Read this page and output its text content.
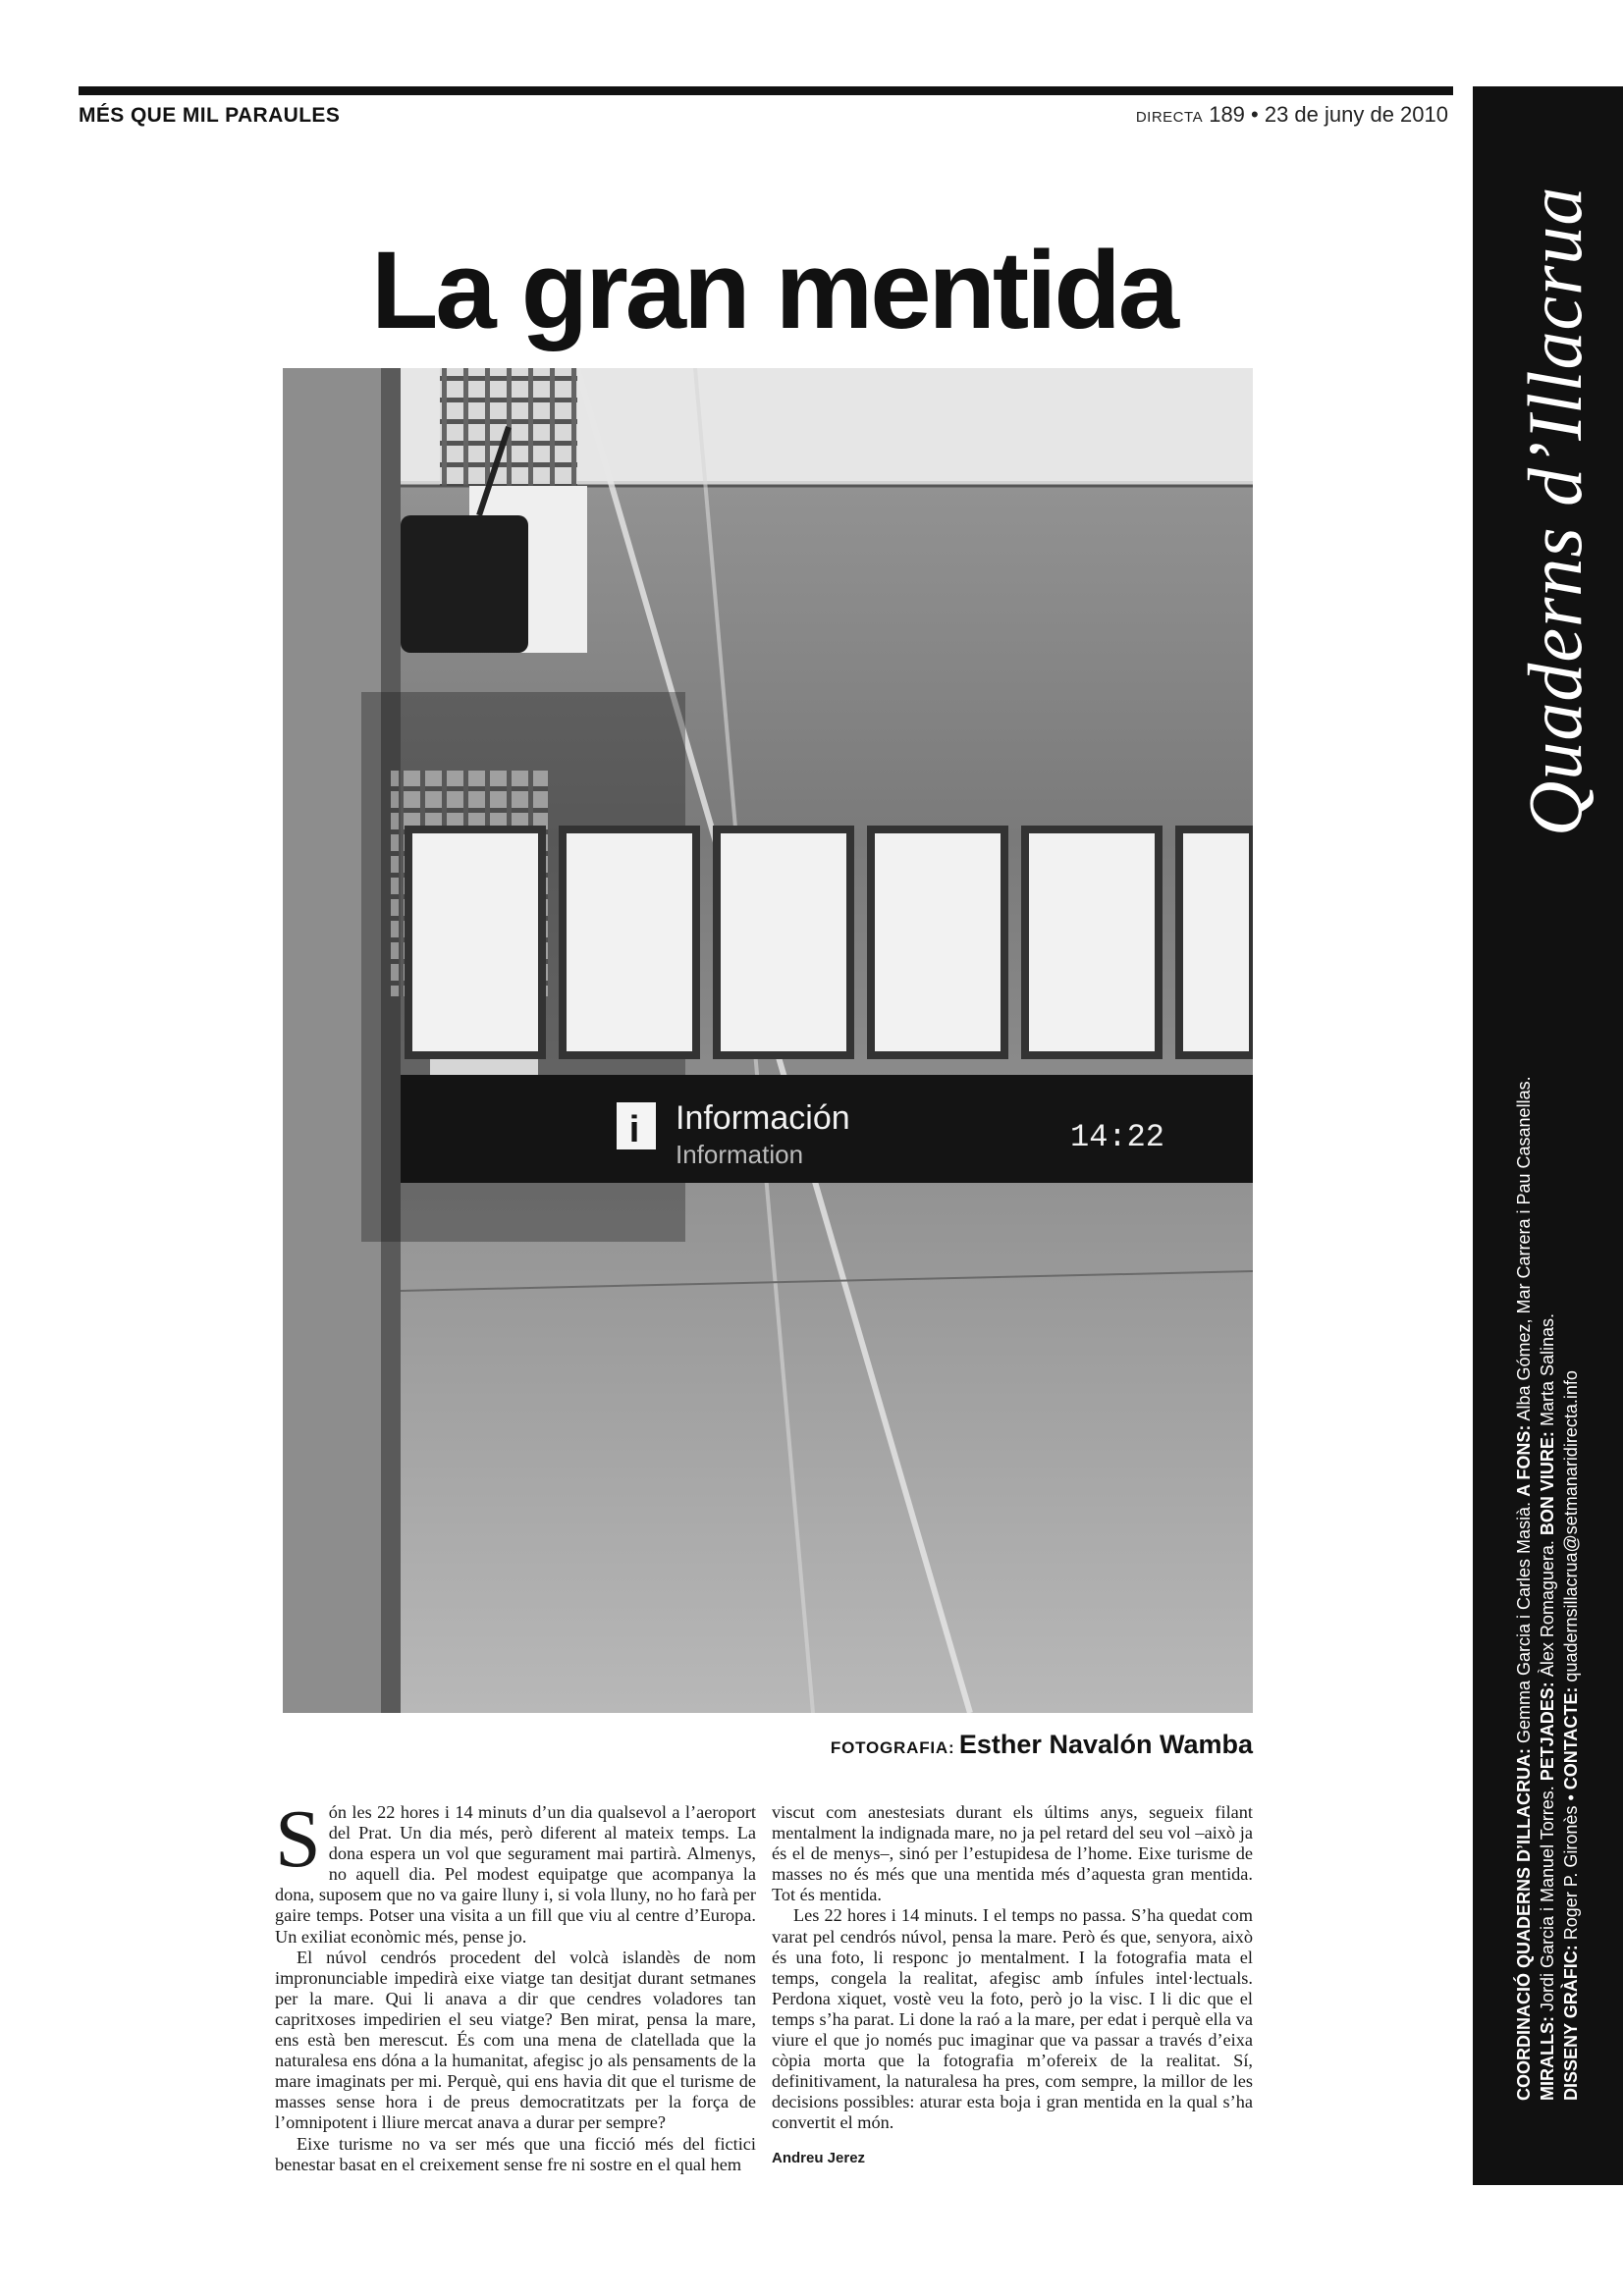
MÉS QUE MIL PARAULES	DIRECTA 189 • 23 de juny de 2010
La gran mentida
i Información
Information	14:22
FOTOGRAFIA: Esther Navalón Wamba

Són les 22 hores i 14 minuts d’un dia qualsevol a l’aeroport del Prat. Un dia més, però diferent al mateix temps. La dona espera un vol que segurament mai partirà. Almenys, no aquell dia. Pel modest equipatge que acompanya la dona, suposem que no va gaire lluny i, si vola lluny, no ho farà per gaire temps. Potser una visita a un fill que viu al centre d’Europa. Un exiliat econòmic més, pense jo.

El núvol cendrós procedent del volcà islandès de nom impronunciable impedirà eixe viatge tan desitjat durant setmanes per la mare. Qui li anava a dir que cendres voladores tan capritxoses impedirien el seu viatge? Ben mirat, pensa la mare, ens està ben merescut. És com una mena de clatellada que la naturalesa ens dóna a la humanitat, afegisc jo als pensaments de la mare imaginats per mi. Perquè, qui ens havia dit que el turisme de masses sense hora i de preus democratitzats per la força de l’omnipotent i lliure mercat anava a durar per sempre?

Eixe turisme no va ser més que una ficció més del fictici benestar basat en el creixement sense fre ni sostre en el qual hem

viscut com anestesiats durant els últims anys, segueix filant mentalment la indignada mare, no ja pel retard del seu vol –això ja és el de menys–, sinó per l’estupidesa de l’home. Eixe turisme de masses no és més que una mentida més d’aquesta gran mentida. Tot és mentida.

Les 22 hores i 14 minuts. I el temps no passa. S’ha quedat com varat pel cendrós núvol, pensa la mare. Però és que, senyora, això és una foto, li responc jo mentalment. I la fotografia mata el temps, congela la realitat, afegisc amb ínfules intel·lectuals. Perdona xiquet, vostè veu la foto, però jo la visc. I li dic que el temps s’ha parat. Li done la raó a la mare, per edat i perquè ella va viure el que jo només puc imaginar que va passar a través d’eixa còpia morta que la fotografia m’ofereix de la realitat. Sí, definitivament, la naturalesa ha pres, com sempre, la millor de les decisions possibles: aturar esta boja i gran mentida en la qual s’ha convertit el món.

Andreu Jerez
Quaderns d’Illacrua
COORDINACIÓ QUADERNS D’ILLACRUA: Gemma Garcia i Carles Masià. A FONS: Alba Gómez, Mar Carrera i Pau Casanellas.
MIRALLS: Jordi Garcia i Manuel Torres. PETJADES: Àlex Romaguera. BON VIURE: Marta Salinas.
DISSENY GRÀFIC: Roger P. Gironès • CONTACTE: quadernsillacrua@setmanaridirecta.info
